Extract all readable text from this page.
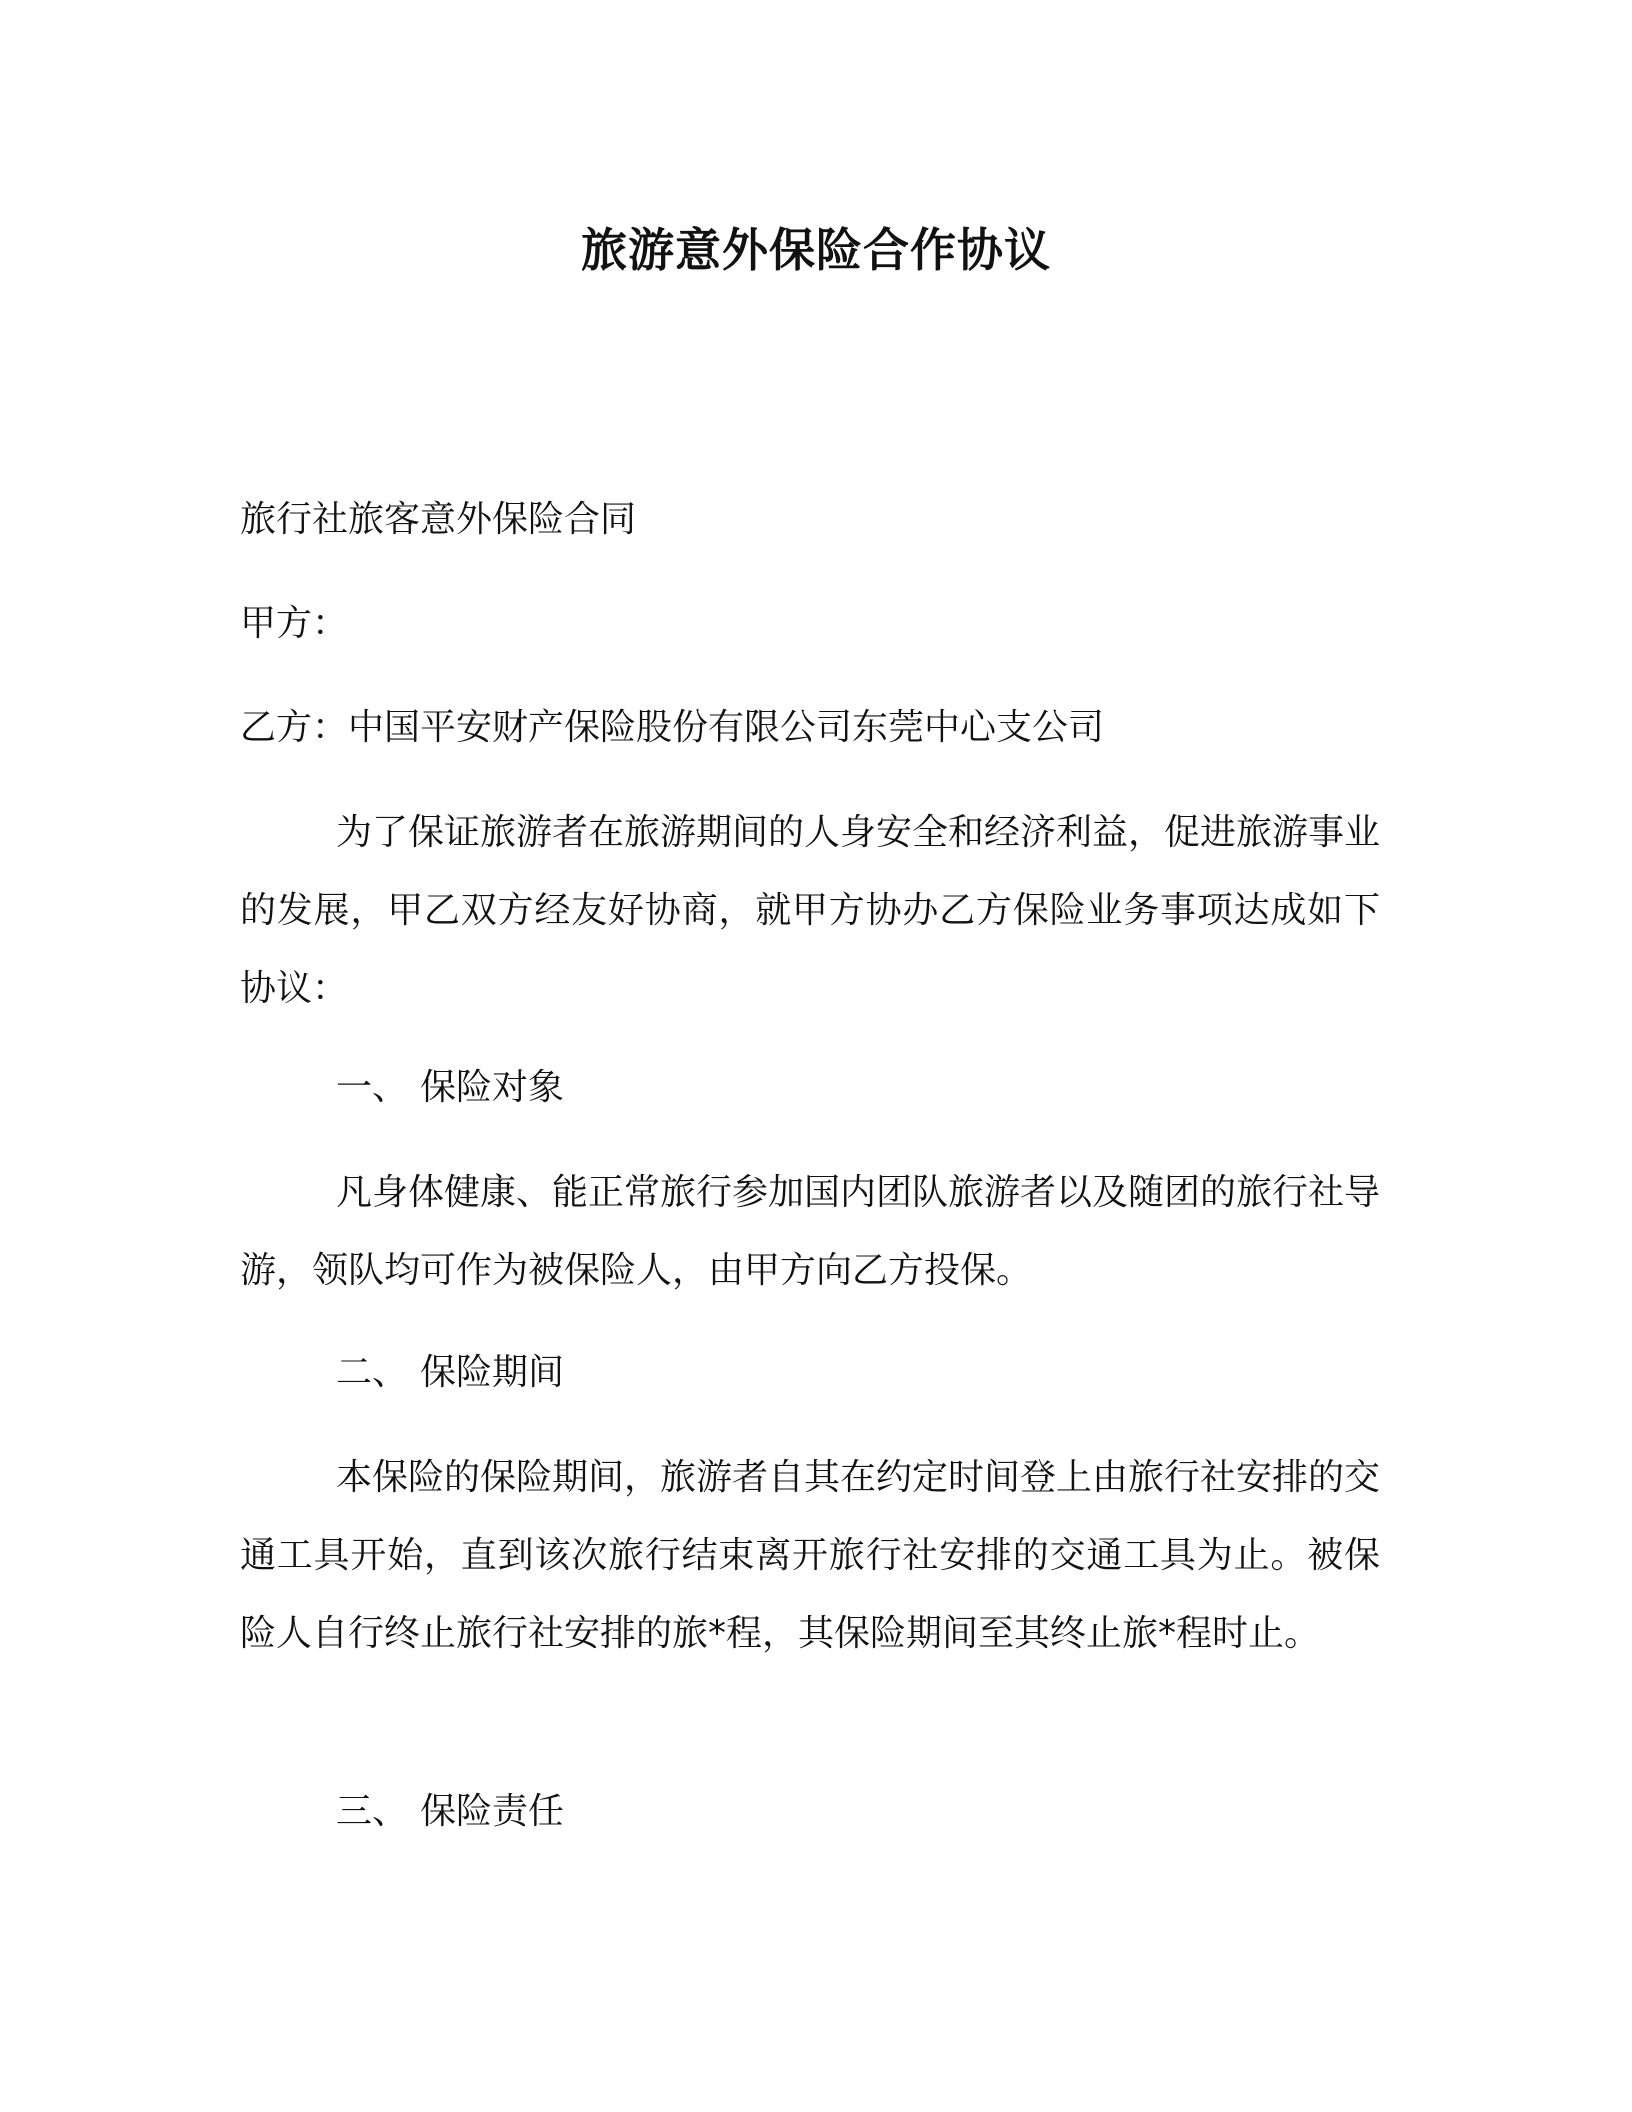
旅游意外保险合作协议
旅行社旅客意外保险合同
甲方：
乙方：中国平安财产保险股份有限公司东莞中心支公司
为了保证旅游者在旅游期间的人身安全和经济利益，促进旅游事业的发展，甲乙双方经友好协商，就甲方协办乙方保险业务事项达成如下协议：
一、 保险对象
凡身体健康、能正常旅行参加国内团队旅游者以及随团的旅行社导游，领队均可作为被保险人，由甲方向乙方投保。
二、 保险期间
本保险的保险期间，旅游者自其在约定时间登上由旅行社安排的交通工具开始，直到该次旅行结束离开旅行社安排的交通工具为止。被保险人自行终止旅行社安排的旅*程，其保险期间至其终止旅*程时止。
三、 保险责任
